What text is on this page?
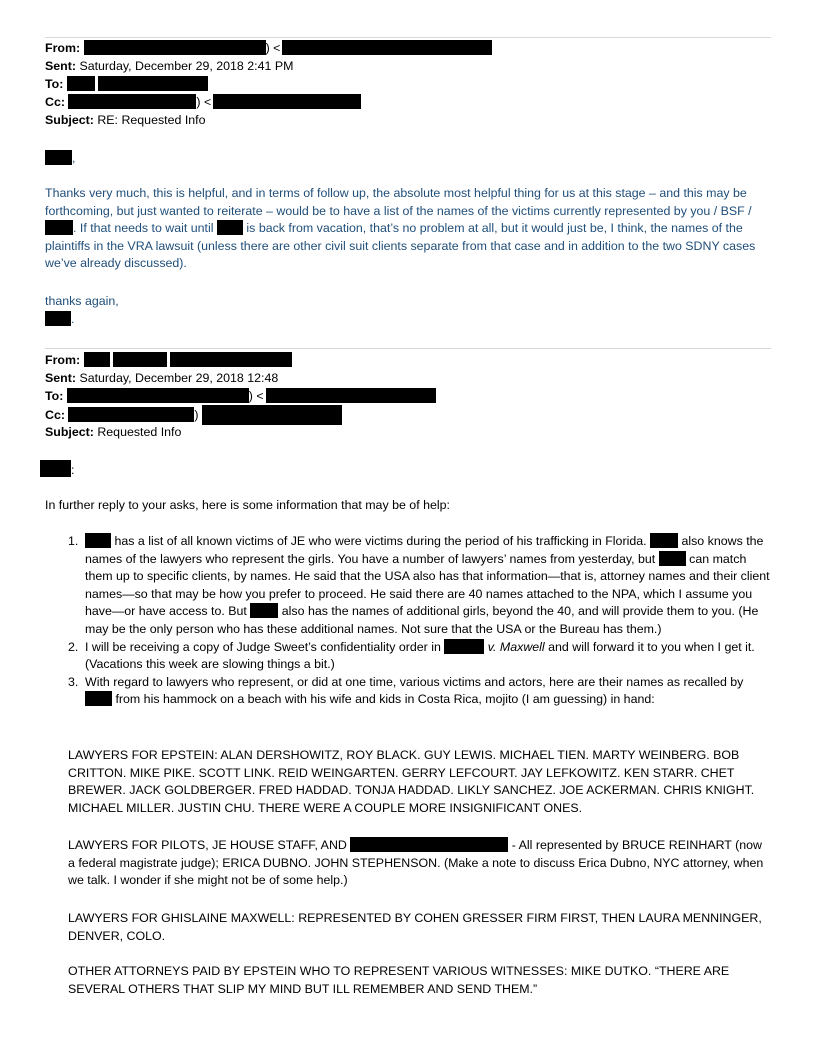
From:	) <
Sent: Saturday, December 29, 2018 2:41 PM
To:
Cc:	) <
Subject: RE: Requested Info
,
Thanks very much, this is helpful, and in terms of follow up, the absolute most helpful thing for us at this stage – and this may be forthcoming, but just wanted to reiterate – would be to have a list of the names of the victims currently represented by you / BSF / . If that needs to wait until	is back from vacation, that’s no problem at all, but it would just be, I think, the names of the plaintiffs in the VRA lawsuit (unless there are other civil suit clients separate from that case and in addition to the two SDNY cases we’ve already discussed).
thanks again,
.
From:
Sent: Saturday, December 29, 2018 12:48
To:	) <
Cc:	)
Subject: Requested Info
:
In further reply to your asks, here is some information that may be of help:
1.	has a list of all known victims of JE who were victims during the period of his trafficking in Florida.	also knows the names of the lawyers who represent the girls. You have a number of lawyers’ names from yesterday, but	can match them up to specific clients, by names. He said that the USA also has that information—that is, attorney names and their client names—so that may be how you prefer to proceed. He said there are 40 names attached to the NPA, which I assume you have—or have access to. But	also has the names of additional girls, beyond the 40, and will provide them to you. (He may be the only person who has these additional names. Not sure that the USA or the Bureau has them.)
2. I will be receiving a copy of Judge Sweet’s confidentiality order in	v. Maxwell and will forward it to you when I get it. (Vacations this week are slowing things a bit.)
3. With regard to lawyers who represent, or did at one time, various victims and actors, here are their names as recalled by  from his hammock on a beach with his wife and kids in Costa Rica, mojito (I am guessing) in hand:
LAWYERS FOR EPSTEIN: ALAN DERSHOWITZ, ROY BLACK. GUY LEWIS. MICHAEL TIEN. MARTY WEINBERG. BOB CRITTON. MIKE PIKE. SCOTT LINK. REID WEINGARTEN. GERRY LEFCOURT. JAY LEFKOWITZ. KEN STARR. CHET BREWER. JACK GOLDBERGER. FRED HADDAD. TONJA HADDAD. LIKLY SANCHEZ. JOE ACKERMAN. CHRIS KNIGHT. MICHAEL MILLER. JUSTIN CHU. THERE WERE A COUPLE MORE INSIGNIFICANT ONES.
LAWYERS FOR PILOTS, JE HOUSE STAFF, AND	- All represented by BRUCE REINHART (now a federal magistrate judge); ERICA DUBNO. JOHN STEPHENSON. (Make a note to discuss Erica Dubno, NYC attorney, when we talk. I wonder if she might not be of some help.)
LAWYERS FOR GHISLAINE MAXWELL: REPRESENTED BY COHEN GRESSER FIRM FIRST, THEN LAURA MENNINGER, DENVER, COLO.
OTHER ATTORNEYS PAID BY EPSTEIN WHO TO REPRESENT VARIOUS WITNESSES: MIKE DUTKO. “THERE ARE SEVERAL OTHERS THAT SLIP MY MIND BUT ILL REMEMBER AND SEND THEM.”
